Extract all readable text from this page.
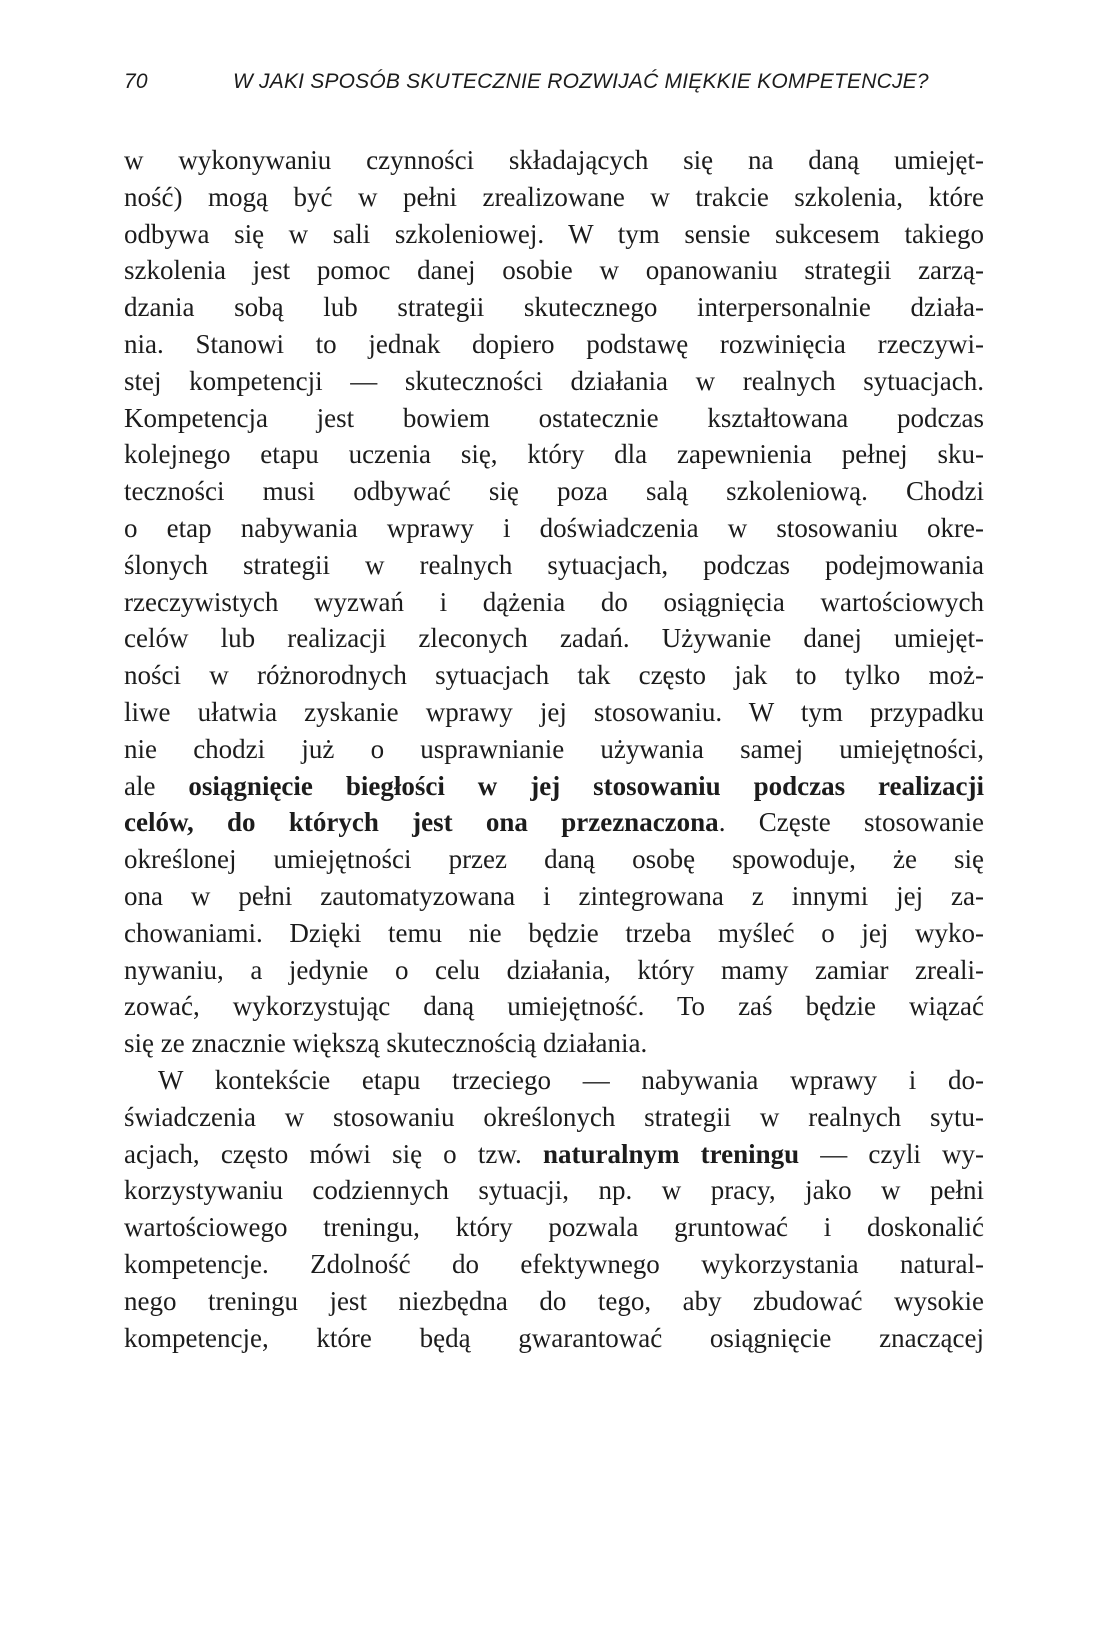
70	W JAKI SPOSÓB SKUTECZNIE ROZWIJAĆ MIĘKKIE KOMPETENCJE?
w wykonywaniu czynności składających się na daną umiejęt-
ność) mogą być w pełni zrealizowane w trakcie szkolenia, które
odbywa się w sali szkoleniowej. W tym sensie sukcesem takiego
szkolenia jest pomoc danej osobie w opanowaniu strategii zarzą-
dzania sobą lub strategii skutecznego interpersonalnie działa-
nia. Stanowi to jednak dopiero podstawę rozwinięcia rzeczywi-
stej kompetencji — skuteczności działania w realnych sytuacjach.
Kompetencja jest bowiem ostatecznie kształtowana podczas
kolejnego etapu uczenia się, który dla zapewnienia pełnej sku-
teczności musi odbywać się poza salą szkoleniową. Chodzi
o etap nabywania wprawy i doświadczenia w stosowaniu okre-
ślonych strategii w realnych sytuacjach, podczas podejmowania
rzeczywistych wyzwań i dążenia do osiągnięcia wartościowych
celów lub realizacji zleconych zadań. Używanie danej umiejęt-
ności w różnorodnych sytuacjach tak często jak to tylko moż-
liwe ułatwia zyskanie wprawy jej stosowaniu. W tym przypadku
nie chodzi już o usprawnianie używania samej umiejętności,
ale osiągnięcie biegłości w jej stosowaniu podczas realizacji
celów, do których jest ona przeznaczona. Częste stosowanie
określonej umiejętności przez daną osobę spowoduje, że się
ona w pełni zautomatyzowana i zintegrowana z innymi jej za-
chowaniami. Dzięki temu nie będzie trzeba myśleć o jej wyko-
nywaniu, a jedynie o celu działania, który mamy zamiar zreali-
zować, wykorzystując daną umiejętność. To zaś będzie wiązać
się ze znacznie większą skutecznością działania.
W kontekście etapu trzeciego — nabywania wprawy i do-
świadczenia w stosowaniu określonych strategii w realnych sytu-
acjach, często mówi się o tzw. naturalnym treningu — czyli wy-
korzystywaniu codziennych sytuacji, np. w pracy, jako w pełni
wartościowego treningu, który pozwala gruntować i doskonalić
kompetencje. Zdolność do efektywnego wykorzystania natural-
nego treningu jest niezbędna do tego, aby zbudować wysokie
kompetencje, które będą gwarantować osiągnięcie znaczącej
